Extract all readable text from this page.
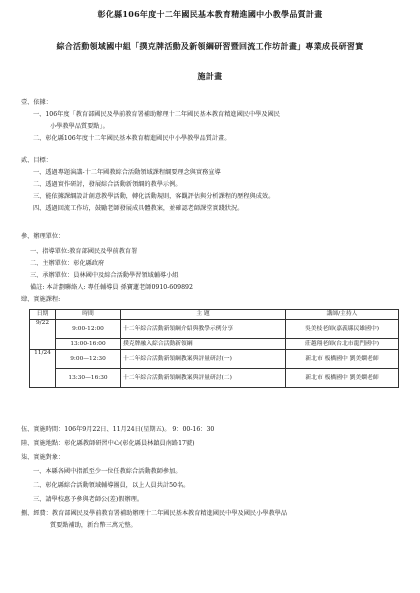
彰化縣106年度十二年國民基本教育精進國中小教學品質計畫
綜合活動領域國中組「撲克牌活動及新領綱研習暨回流工作坊計畫」專業成長研習實
施計畫
壹、依據：
一、106年度「教育部國民及學前教育署補助辦理十二年國民基本教育精進國民中學及國民
小學教學品質要點」。
二、彰化縣106年度十二年國民基本教育精進國民中小學教學品質計畫。
貳、目標：
一、透過專題演講-十二年國教綜合活動領域課程綱要理念與實務宣導
二、透過實作研討，發展綜合活動新領綱的教學示例。
三、能依據課綱設計創意教學活動，轉化活動規則，客觀評估與分析課程的歷程與成效。
四、透過回流工作坊，鼓勵老師發展成具體教案，並確認老師課堂實踐狀況。
參、辦理單位：
一、指導單位:教育部國民及學前教育署
二、主辦單位：彰化縣政府
三、承辦單位：員林國中及綜合活動學習領域輔導小組
備註: 本計劃聯絡人: 專任輔導員 孫寶蓮老師0910-609892
肆、實施課程:
日期	時間	主 題	講師/主持人
9/22	9:00-12:00	十二年綜合活動新領綱介紹與教學示例分享	吳美枝老師(嘉義縣民雄國中)
	13:00-16:00	撲克牌融入綜合活動新領綱	莊越翔老師(台北市龍門國中)
11/24	9:00—12:30	十二年綜合活動新領綱教案與評量研討(一)	新北市 板橋國中 劉美嫻老師
	13:30—16:30	十二年綜合活動新領綱教案與評量研討(二)	新北市 板橋國中 劉美嫻老師
伍、實施時間：106年9月22日、11月24日(星期五)。 9：00-16：30
陸、實施地點：彰化縣教師研習中心(彰化縣員林鎮員南路17號)
柒、實施對象：
一、本縣各國中指派至少一位任教綜合活動教師參加。
二、彰化縣綜合活動領域輔導團員，以上人員共計50名。
三、請學校惠予參與老師公(差)假辦理。
捌、經費：教育部國民及學前教育署補助辦理十二年國民基本教育精進國民中學及國民小學教學品
質要點補助，新台幣三萬元整。
